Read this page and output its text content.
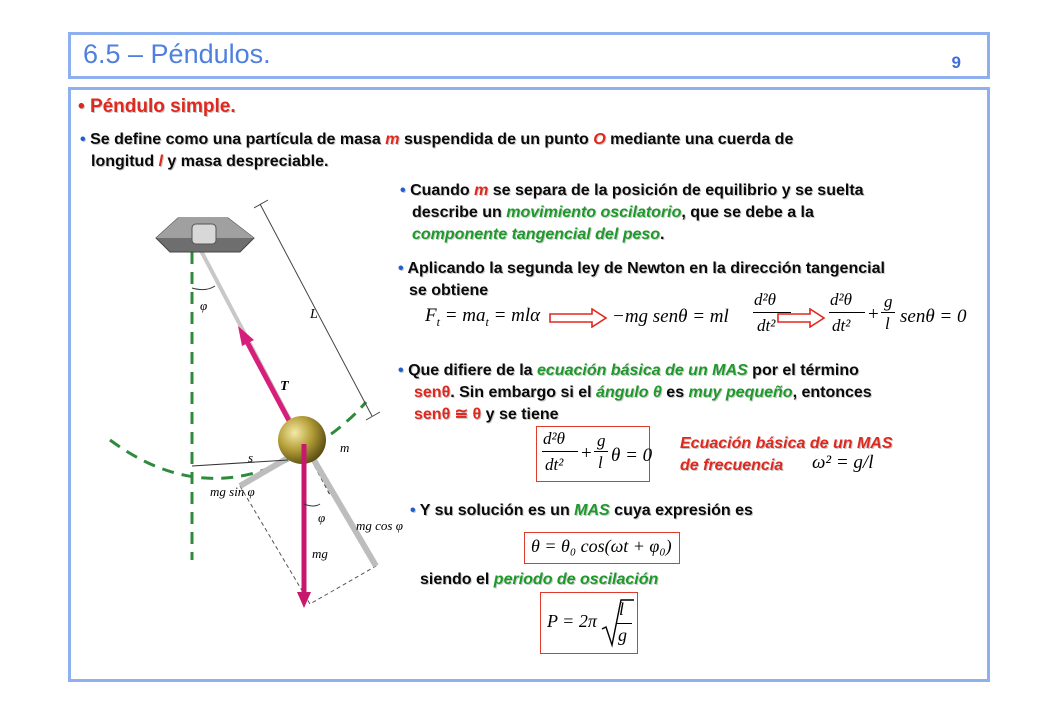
6.5 – Péndulos.	9
• Péndulo simple.
• Se define como una partícula de masa m suspendida de un punto O mediante una cuerda de
longitud l y masa despreciable.
• Cuando m se separa de la posición de equilibrio y se suelta
describe un movimiento oscilatorio, que se debe a la
componente tangencial del peso.
• Aplicando la segunda ley de Newton en la dirección tangencial
se obtiene
$F_t = ma_t = ml\alpha$	−mg senθ = ml
d²θ
dt²
d²θ
dt²
+
g
l senθ = 0
• Que difiere de la ecuación básica de un MAS por el término
senθ. Sin embargo si el ángulo θ es muy pequeño, entonces
senθ ≅ θ y se tiene
d²θ
dt²
+
g
l θ = 0
Ecuación básica de un MAS
de frecuencia ω² = g/l
• Y su solución es un MAS cuya expresión es
θ = θ₀ cos(ωt + φ₀)
siendo el periodo de oscilación
P = 2π
l
g
L
φ
s
T
m
mg
φ
mg sin φ
mg cos φ
